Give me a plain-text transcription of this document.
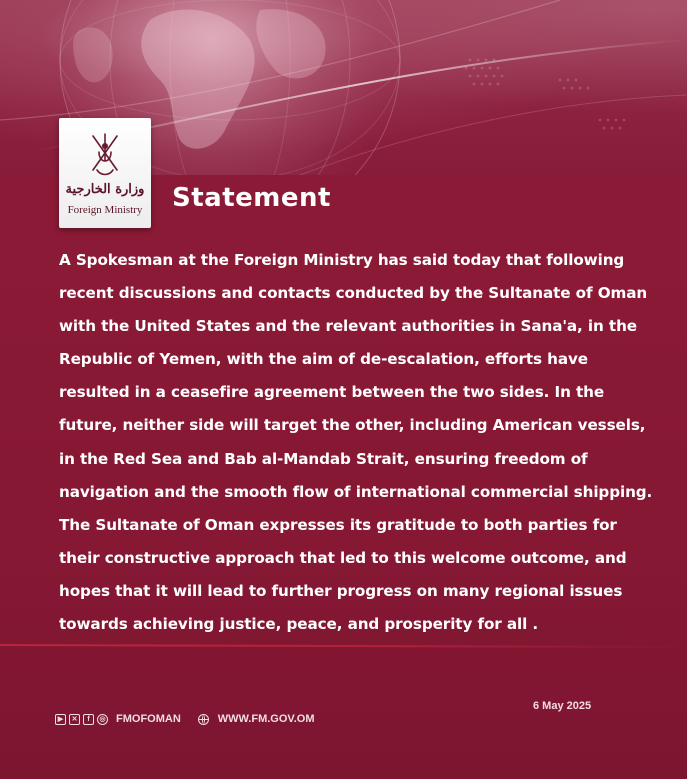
وزارة الخارجية
Foreign Ministry	Statement
A Spokesman at the Foreign Ministry has said today that following recent discussions and contacts conducted by the Sultanate of Oman with the United States and the relevant authorities in Sana'a, in the Republic of Yemen, with the aim of de-escalation, efforts have resulted in a ceasefire agreement between the two sides. In the future, neither side will target the other, including American vessels, in the Red Sea and Bab al-Mandab Strait, ensuring freedom of navigation and the smooth flow of international commercial shipping. The Sultanate of Oman expresses its gratitude to both parties for their constructive approach that led to this welcome outcome, and hopes that it will lead to further progress on many regional issues towards achieving justice, peace, and prosperity for all .
6 May 2025
▶	✕	f	◎ FMOFOMAN	WWW.FM.GOV.OM
